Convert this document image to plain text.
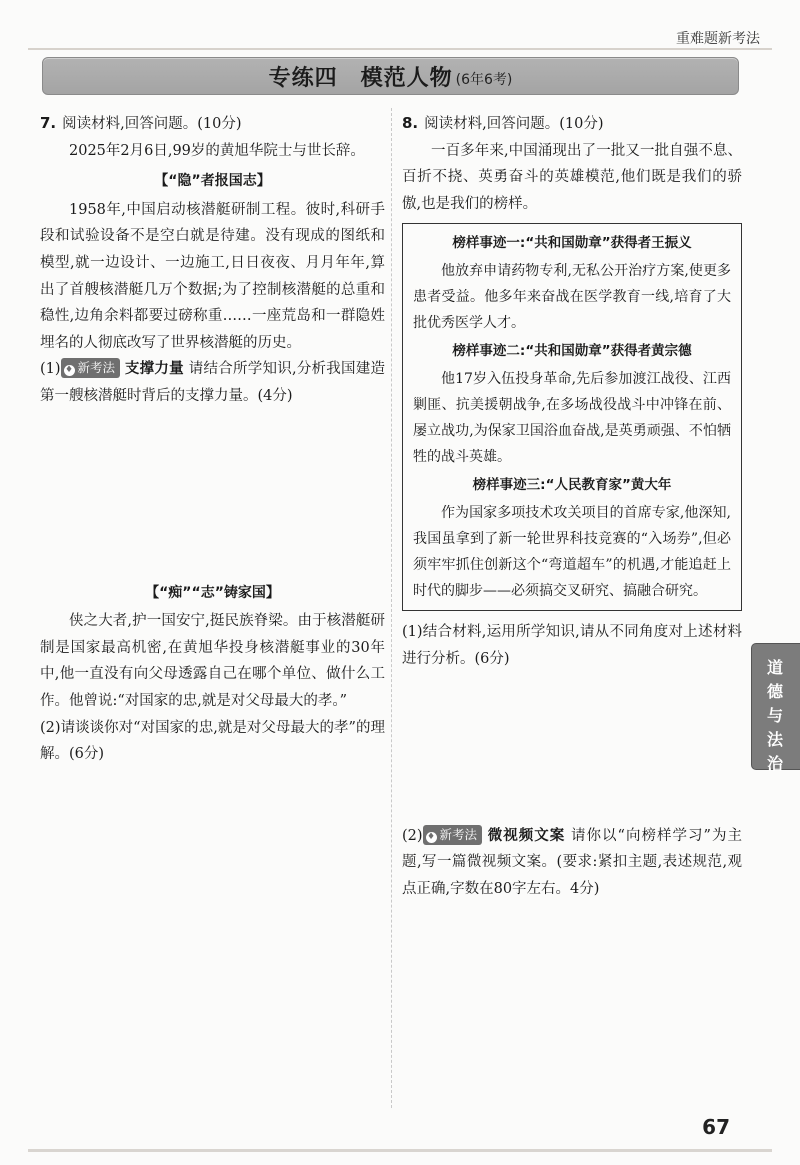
重难题新考法
专练四　模范人物 (6年6考)

7. 阅读材料,回答问题。(10分)

2025年2月6日,99岁的黄旭华院士与世长辞。

【“隐”者报国志】

1958年,中国启动核潜艇研制工程。彼时,科研手段和试验设备不是空白就是待建。没有现成的图纸和模型,就一边设计、一边施工,日日夜夜、月月年年,算出了首艘核潜艇几万个数据;为了控制核潜艇的总重和稳性,边角余料都要过磅称重……一座荒岛和一群隐姓埋名的人彻底改写了世界核潜艇的历史。

(1) ♦ 新考法 支撑力量 请结合所学知识,分析我国建造第一艘核潜艇时背后的支撑力量。(4分)

【“痴”“志”铸家国】

侠之大者,护一国安宁,挺民族脊梁。由于核潜艇研制是国家最高机密,在黄旭华投身核潜艇事业的30年中,他一直没有向父母透露自己在哪个单位、做什么工作。他曾说:“对国家的忠,就是对父母最大的孝。”

(2)请谈谈你对“对国家的忠,就是对父母最大的孝”的理解。(6分)

8. 阅读材料,回答问题。(10分)

一百多年来,中国涌现出了一批又一批自强不息、百折不挠、英勇奋斗的英雄模范,他们既是我们的骄傲,也是我们的榜样。

榜样事迹一:“共和国勋章”获得者王振义

他放弃申请药物专利,无私公开治疗方案,使更多患者受益。他多年来奋战在医学教育一线,培育了大批优秀医学人才。

榜样事迹二:“共和国勋章”获得者黄宗德

他17岁入伍投身革命,先后参加渡江战役、江西剿匪、抗美援朝战争,在多场战役战斗中冲锋在前、屡立战功,为保家卫国浴血奋战,是英勇顽强、不怕牺牲的战斗英雄。

榜样事迹三:“人民教育家”黄大年

作为国家多项技术攻关项目的首席专家,他深知,我国虽拿到了新一轮世界科技竞赛的“入场券”,但必须牢牢抓住创新这个“弯道超车”的机遇,才能追赶上时代的脚步——必须搞交叉研究、搞融合研究。

(1)结合材料,运用所学知识,请从不同角度对上述材料进行分析。(6分)

(2) ♦ 新考法 微视频文案 请你以“向榜样学习”为主题,写一篇微视频文案。(要求:紧扣主题,表述规范,观点正确,字数在80字左右。4分)

道德与法治
67
